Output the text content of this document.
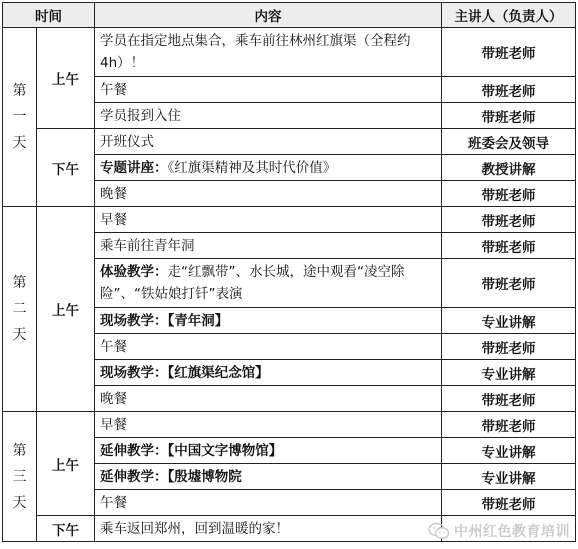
时间		内容	主讲人（负责人）
第
一
天	上午	学员在指定地点集合，乘车前往林州红旗渠（全程约 4h）！	带班老师
		午餐	带班老师
		学员报到入住	带班老师
	下午	开班仪式	班委会及领导
		专题讲座：《红旗渠精神及其时代价值》	教授讲解
		晚餐	带班老师
第
二
天	上午	早餐	带班老师
		乘车前往青年洞	带班老师
		体验教学：走“红飘带”、水长城，途中观看“凌空除险”、“铁姑娘打钎”表演	带班老师
		现场教学：【青年洞】	专业讲解
		午餐	带班老师
		现场教学：【红旗渠纪念馆】	专业讲解
		晚餐	带班老师
第
三
天	上午	早餐	带班老师
		延伸教学：【中国文字博物馆】	专业讲解
		延伸教学：【殷墟博物院	专业讲解
		午餐	带班老师
	下午	乘车返回郑州，回到温暖的家！		中州红色教育培训
